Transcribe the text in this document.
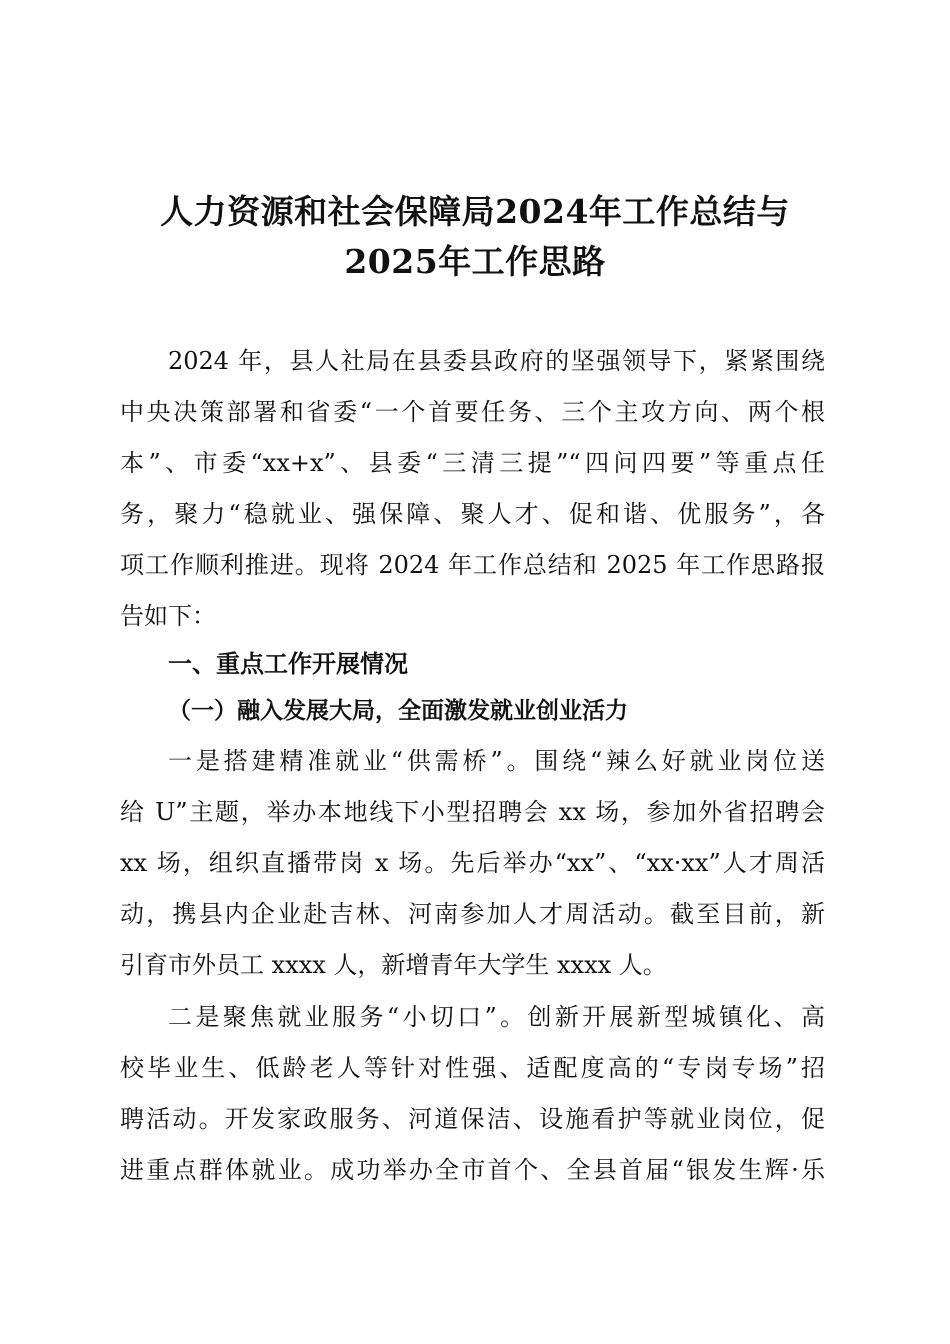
人力资源和社会保障局2024年工作总结与
2025年工作思路
2024 年，县人社局在县委县政府的坚强领导下，紧紧围绕
中央决策部署和省委“一个首要任务、三个主攻方向、两个根
本”、市委“xx+x”、县委“三清三提”“四问四要”等重点任
务，聚力“稳就业、强保障、聚人才、促和谐、优服务”，各
项工作顺利推进。现将 2024 年工作总结和 2025 年工作思路报
告如下：
一、重点工作开展情况
（一）融入发展大局，全面激发就业创业活力
一是搭建精准就业“供需桥”。围绕“辣么好就业岗位送
给 U”主题，举办本地线下小型招聘会 xx 场，参加外省招聘会
xx 场，组织直播带岗 x 场。先后举办“xx”、“xx·xx”人才周活
动，携县内企业赴吉林、河南参加人才周活动。截至目前，新
引育市外员工 xxxx 人，新增青年大学生 xxxx 人。
二是聚焦就业服务“小切口”。创新开展新型城镇化、高
校毕业生、低龄老人等针对性强、适配度高的“专岗专场”招
聘活动。开发家政服务、河道保洁、设施看护等就业岗位，促
进重点群体就业。成功举办全市首个、全县首届“银发生辉·乐
